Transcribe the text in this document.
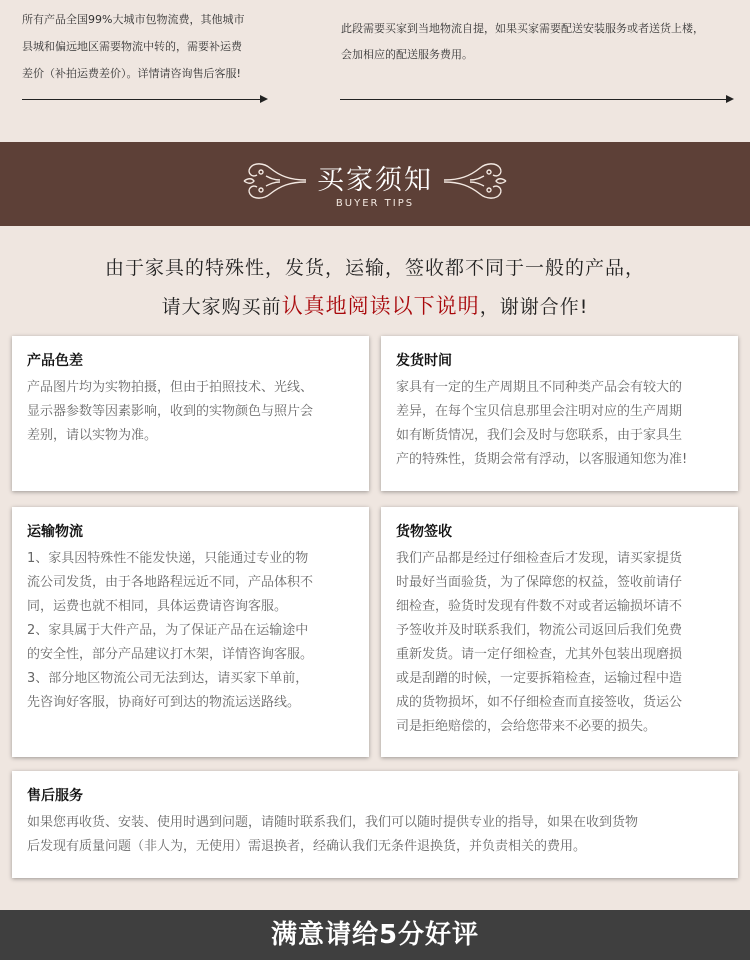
所有产品全国99%大城市包物流费，其他城市
县城和偏远地区需要物流中转的，需要补运费
差价（补拍运费差价）。详情请咨询售后客服!
此段需要买家到当地物流自提，如果买家需要配送安装服务或者送货上楼，
会加相应的配送服务费用。
买家须知
BUYER TIPS
由于家具的特殊性，发货，运输，签收都不同于一般的产品，
请大家购买前认真地阅读以下说明，谢谢合作!
产品色差
产品图片均为实物拍摄，但由于拍照技术、光线、
显示器参数等因素影响，收到的实物颜色与照片会
差别，请以实物为准。
发货时间
家具有一定的生产周期且不同种类产品会有较大的
差异，在每个宝贝信息那里会注明对应的生产周期
如有断货情况，我们会及时与您联系，由于家具生
产的特殊性，货期会常有浮动，以客服通知您为准!
运输物流
1、家具因特殊性不能发快递，只能通过专业的物
流公司发货，由于各地路程远近不同，产品体积不
同，运费也就不相同，具体运费请咨询客服。
2、家具属于大件产品，为了保证产品在运输途中
的安全性，部分产品建议打木架，详情咨询客服。
3、部分地区物流公司无法到达，请买家下单前，
先咨询好客服，协商好可到达的物流运送路线。
货物签收
我们产品都是经过仔细检查后才发现，请买家提货
时最好当面验货，为了保障您的权益，签收前请仔
细检查，验货时发现有件数不对或者运输损坏请不
予签收并及时联系我们，物流公司返回后我们免费
重新发货。请一定仔细检查，尤其外包装出现磨损
或是刮蹭的时候，一定要拆箱检查，运输过程中造
成的货物损坏，如不仔细检查而直接签收，货运公
司是拒绝赔偿的，会给您带来不必要的损失。
售后服务
如果您再收货、安装、使用时遇到问题，请随时联系我们，我们可以随时提供专业的指导，如果在收到货物
后发现有质量问题（非人为，无使用）需退换者，经确认我们无条件退换货，并负责相关的费用。
满意请给5分好评
